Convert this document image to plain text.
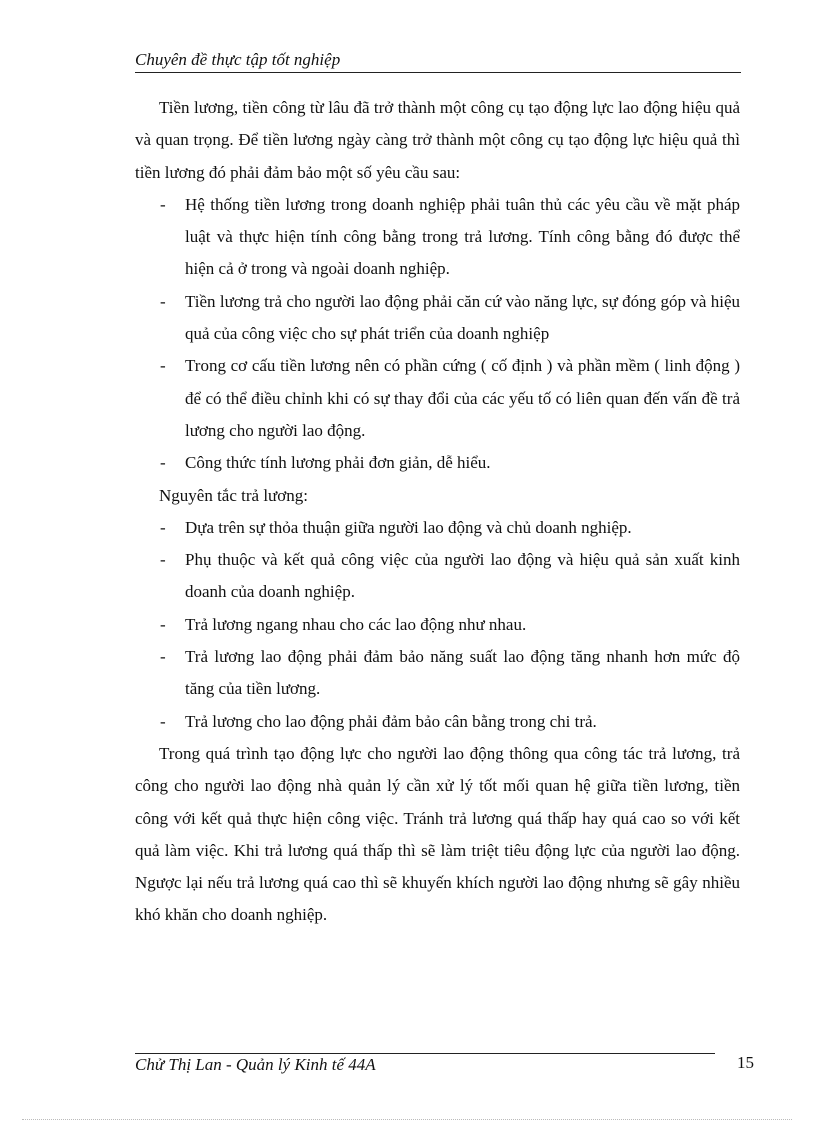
Chuyên đề thực tập tốt nghiệp

Tiền lương, tiền công từ lâu đã trở thành một công cụ tạo động lực lao động hiệu quả và quan trọng. Để tiền lương ngày càng trở thành một công cụ tạo động lực hiệu quả thì tiền lương đó phải đảm bảo một số yêu cầu sau:

- Hệ thống tiền lương trong doanh nghiệp phải tuân thủ các yêu cầu về mặt pháp luật và thực hiện tính công bằng trong trả lương. Tính công bằng đó được thể hiện cả ở trong và ngoài doanh nghiệp.
- Tiền lương trả cho người lao động phải căn cứ vào năng lực, sự đóng góp và hiệu quả của công việc cho sự phát triển của doanh nghiệp
- Trong cơ cấu tiền lương nên có phần cứng ( cố định ) và phần mềm ( linh động ) để có thể điều chỉnh khi có sự thay đổi của các yếu tố có liên quan đến vấn đề trả lương cho người lao động.
- Công thức tính lương phải đơn giản, dễ hiểu.

Nguyên tắc trả lương:

- Dựa trên sự thỏa thuận giữa người lao động và chủ doanh nghiệp.
- Phụ thuộc và kết quả công việc của người lao động và hiệu quả sản xuất kinh doanh của doanh nghiệp.
- Trả lương ngang nhau cho các lao động như nhau.
- Trả lương lao động phải đảm bảo năng suất lao động tăng nhanh hơn mức độ tăng của tiền lương.
- Trả lương cho lao động phải đảm bảo cân bằng trong chi trả.

Trong quá trình tạo động lực cho người lao động thông qua công tác trả lương, trả công cho người lao động nhà quản lý cần xử lý tốt mối quan hệ giữa tiền lương, tiền công với kết quả thực hiện công việc. Tránh trả lương quá thấp hay quá cao so với kết quả làm việc. Khi trả lương quá thấp thì sẽ làm triệt tiêu động lực của người lao động. Ngược lại nếu trả lương quá cao thì sẽ khuyến khích người lao động nhưng sẽ gây nhiều khó khăn cho doanh nghiệp.

Chử Thị Lan - Quản lý Kinh tế 44A	15
